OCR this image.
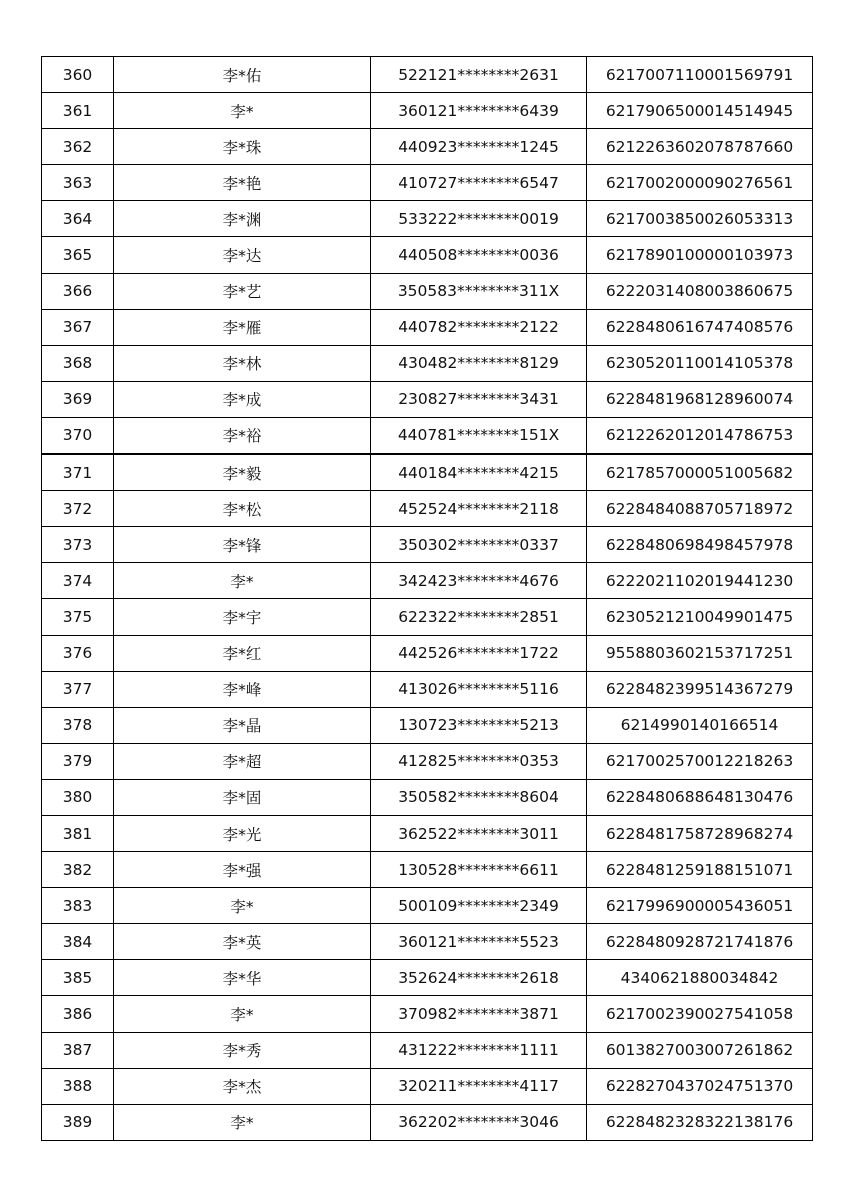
360	李*佑	522121********2631	6217007110001569791
361	李*	360121********6439	6217906500014514945
362	李*珠	440923********1245	6212263602078787660
363	李*艳	410727********6547	6217002000090276561
364	李*渊	533222********0019	6217003850026053313
365	李*达	440508********0036	6217890100000103973
366	李*艺	350583********311X	6222031408003860675
367	李*雁	440782********2122	6228480616747408576
368	李*林	430482********8129	6230520110014105378
369	李*成	230827********3431	6228481968128960074
370	李*裕	440781********151X	6212262012014786753
371	李*毅	440184********4215	6217857000051005682
372	李*松	452524********2118	6228484088705718972
373	李*锋	350302********0337	6228480698498457978
374	李*	342423********4676	6222021102019441230
375	李*宇	622322********2851	6230521210049901475
376	李*红	442526********1722	9558803602153717251
377	李*峰	413026********5116	6228482399514367279
378	李*晶	130723********5213	6214990140166514
379	李*超	412825********0353	6217002570012218263
380	李*固	350582********8604	6228480688648130476
381	李*光	362522********3011	6228481758728968274
382	李*强	130528********6611	6228481259188151071
383	李*	500109********2349	6217996900005436051
384	李*英	360121********5523	6228480928721741876
385	李*华	352624********2618	4340621880034842
386	李*	370982********3871	6217002390027541058
387	李*秀	431222********1111	6013827003007261862
388	李*杰	320211********4117	6228270437024751370
389	李*	362202********3046	6228482328322138176
